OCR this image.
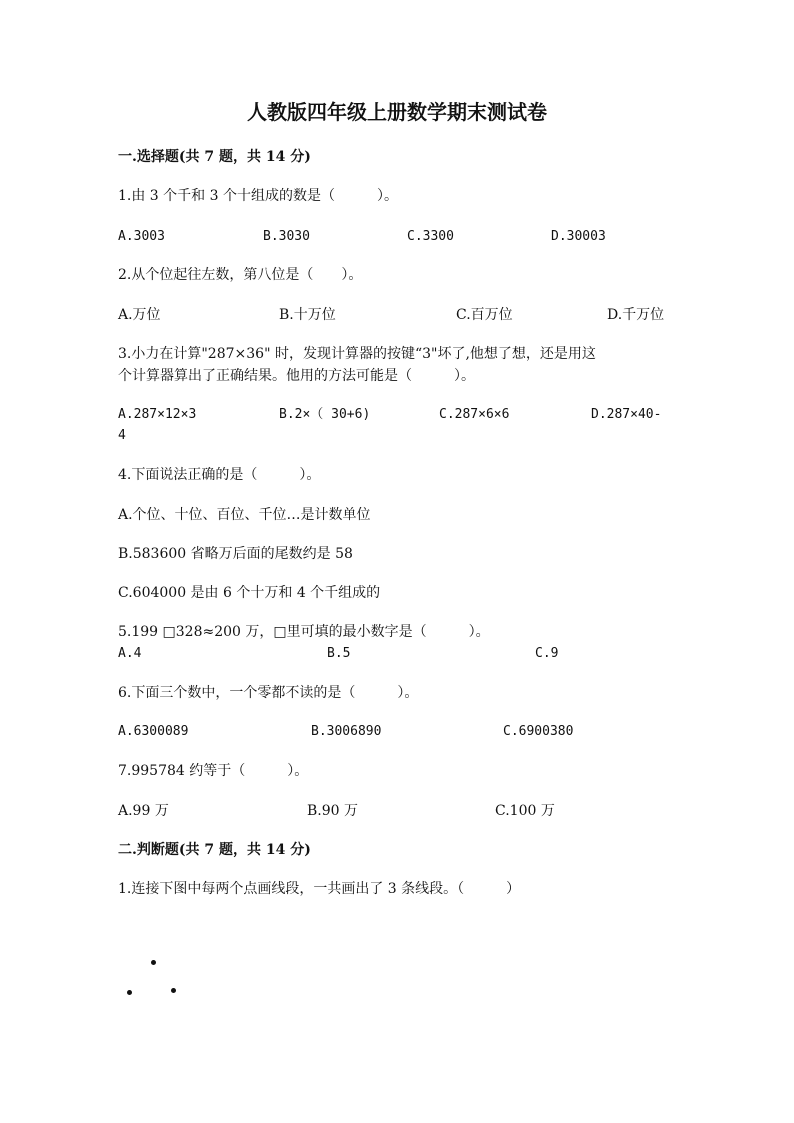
人教版四年级上册数学期末测试卷
一.选择题(共 7 题，共 14 分)
1.由 3 个千和 3 个十组成的数是（　　　）。
A.3003	B.3030	C.3300	D.30003
2.从个位起往左数，第八位是（　　）。
A.万位	B.十万位	C.百万位	D.千万位
3.小力在计算"287×36" 时，发现计算器的按键“3"坏了,他想了想，还是用这
个计算器算出了正确结果。他用的方法可能是（　　　）。
A.287×12×3	B.2×（ 30+6)	C.287×6×6	D.287×40-
4
4.下面说法正确的是（　　　）。
A.个位、十位、百位、千位…是计数单位
B.583600 省略万后面的尾数约是 58
C.604000 是由 6 个十万和 4 个千组成的
5.199 □328≈200 万，□里可填的最小数字是（　　　）。
A.4	B.5	C.9
6.下面三个数中，一个零都不读的是（　　　）。
A.6300089	B.3006890	C.6900380
7.995784 约等于（　　　）。
A.99 万	B.90 万	C.100 万
二.判断题(共 7 题，共 14 分)
1.连接下图中每两个点画线段，一共画出了 3 条线段。（　　　）
